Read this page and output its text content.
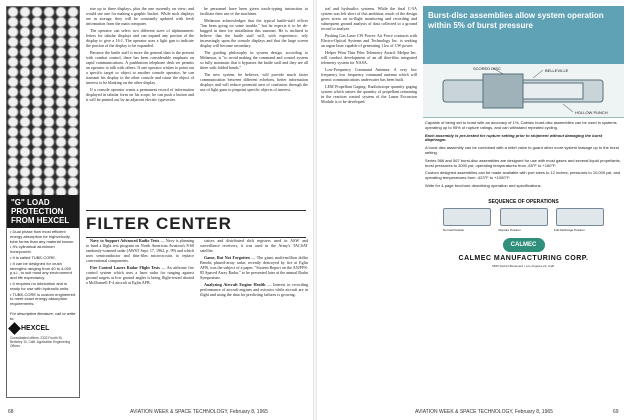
"G" LOAD PROTECTION FROM HEXCEL
• Dual phase flow most efficient energy absorption for highvelocity tube forms than any material known.
• It's cylindrical aluminum honeycomb.
• It is called TUBE-CORE.
• It can be designed for crush strengths ranging from 40 to 4,000 p.s.i., to suit most any environment and life expectancy.
• It requires no lubrication and is ready for use with hydraulic units.
• TUBE-CORE is custom engineered to meet exact energy absorption requirements.
For descriptive literature, call or write to:
HEXCEL
Consolidated offices: 2332 Fourth St., Berkeley 10, Calif. Application Engineering Offices

rise up to three displays, plus the one currently on view; and would use one for making a graphic bucket. While such displays are in storage, they will be constantly updated with fresh information from the main computer.

The operator can select two different sizes of alphanumeric letters for tabular displays and can expand any portion of the display to give a 16:1. The operator uses a light gun to indicate the portion of the display to be expanded.

Because the battle staff is more the general than is the present with combat control, there has been considerable emphasis on rapid communications. A pushbutton telephone desk set permits an operator to talk with others. If one operator wishes to point out a specific target or object to another console operator, he can transmit his display to the other console and cause the object of interest to be blinking on the other display.

If a console operator wants a permanent record of information displayed in tabular form on his scope, he can push a button and it will be printed out by an adjacent electric typewriter.

be personnel have been given touch-typing instruction to facilitate their use of the machines.

Melanson acknowledges that the typical battle-staff officer "has been going on some trouble," but he expects it to be de-bugged in time for installation this summer. He is inclined to believe that the battle staff will, with experience, rely increasingly upon the console displays and that the large screen display will become secondary.

The guiding philosophy in system design, according to Melanson, is "to avoid making the command and control system so fully automatic that it bypasses the battle staff and they are all there with folded hands."

The new system, he believes, will provide much faster communication between different echelons, better information displays and will reduce potential area of confusion through the use of light guns to pinpoint specific objects of interest.

FILTER CENTER

Navy to Support Advanced Radio Tests — Navy is planning to fund a flight test program on North American Aviation's 8-60 randomly-scanned radar (AWST Sept. 17, 1962, p. 99) and which uses semiconductor and thin-film microcircuits to replace conventional components.

Fire Control Lasers Radar Flight Tests — An airborne fire control system which uses a laser radar for ranging against ground targets at low ground angles is being flight-tested aboard a McDonnell F-4 aircraft at Eglin AFB.

sistors and distributed shift registers used in ASW and surveillance receivers, it was used in the Army's TACSAT satellite.

Game, But Not Forgotten — The giant, multi-million dollar Bendix phased-array radar, recently destroyed by fire at Eglin AFB, was the subject of a paper, "Sixteen Report on the AN/FPS-85 Spaced Array Radar," to be presented later at the annual Radar Symposium.

Analyzing Aircraft Engine Health — Interest in recording performance of aircraft engines and avionics while aircraft are in flight and using the data for predicting failures is growing.

68	AVIATION WEEK & SPACE TECHNOLOGY, February 8, 1965

tral and hydraulics systems. While the final C-5A system was left short of this ambition, much of the design gives stress on in-flight monitoring and recording and subsequent ground analysis of data collected to a ground record to analyze.

Pushing Gas Laser CW Power: Air Force contracts with Electro-Optical Systems and Technology Inc. is seeking an argon laser capable of generating 1 kw of CW power.

Helper Wins Thin Film Telemetry Award: Melpar Inc. will conduct development of an all thin-film integrated telemetry system for NASA.

Low-Frequency Command Antenna: A very low frequency low frequency command antenna which will permit communications underwater has been built.

LEM Propellant Gaging: Radioisotope quantity gaging system which senses the quantity of propellant remaining in the reaction control system of the Lunar Excursion Module is to be developed.

Burst-disc assemblies allow system operation within 5% of burst pressure
SCORED DISC	BELLEVILLE
HOLLOW PUNCH

Capable of being set to burst with an accuracy of 1%, Calmec burst-disc assemblies can be used in systems operating up to 95% of rupture ratings, and can withstand repeated cycling.

Each assembly is pre-tested for rupture setting prior to shipment without damaging the burst diaphragm.

A burst disc assembly can be combined with a relief valve to guard other more system leakage up to the burst setting.

Series 566 and 567 burst-disc assemblies are designed for use with most gases and several liquid propellants; burst pressures to 3000 psi; operating temperatures from -65°F to +160°F.

Custom designed assemblies can be made available with port sizes to 12 inches; pressures to 10,000 psi; and operating temperatures from -423°F to +1000°F.

Write for 4-page brochure describing operation and specifications.

SEQUENCE OF OPERATIONS
Normal Position	Rupture Position	Full Discharge Position
CALMEC
CALMEC MANUFACTURING CORP.
5825 District Boulevard • Los Angeles 22, Calif.
AVIATION WEEK & SPACE TECHNOLOGY, February 8, 1965	69
